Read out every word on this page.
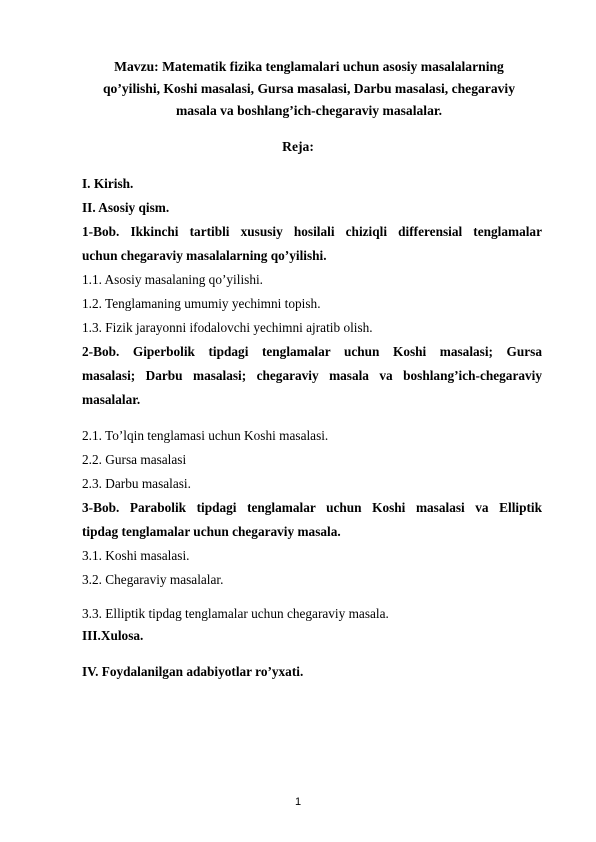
Mavzu: Matematik fizika tenglamalari uchun asosiy masalalarning
qo’yilishi, Koshi masalasi, Gursa masalasi, Darbu masalasi, chegaraviy
masala va boshlang’ich-chegaraviy masalalar.
Reja:
I. Kirish.
II. Asosiy qism.
1-Bob. Ikkinchi tartibli xususiy hosilali chiziqli differensial tenglamalar
uchun chegaraviy masalalarning qo’yilishi.
1.1. Asosiy masalaning qo’yilishi.
1.2. Tenglamaning umumiy yechimni topish.
1.3. Fizik jarayonni ifodalovchi yechimni ajratib olish.
2-Bob. Giperbolik tipdagi tenglamalar uchun Koshi masalasi; Gursa
masalasi; Darbu masalasi; chegaraviy masala va boshlang’ich-chegaraviy
masalalar.
2.1. To’lqin tenglamasi uchun Koshi masalasi.
2.2. Gursa masalasi
2.3. Darbu masalasi.
3-Bob. Parabolik tipdagi tenglamalar uchun Koshi masalasi va Elliptik
tipdag tenglamalar uchun chegaraviy masala.
3.1. Koshi masalasi.
3.2. Chegaraviy masalalar.
3.3. Elliptik tipdag tenglamalar uchun chegaraviy masala.
III.Xulosa.
IV. Foydalanilgan adabiyotlar ro’yxati.
1
